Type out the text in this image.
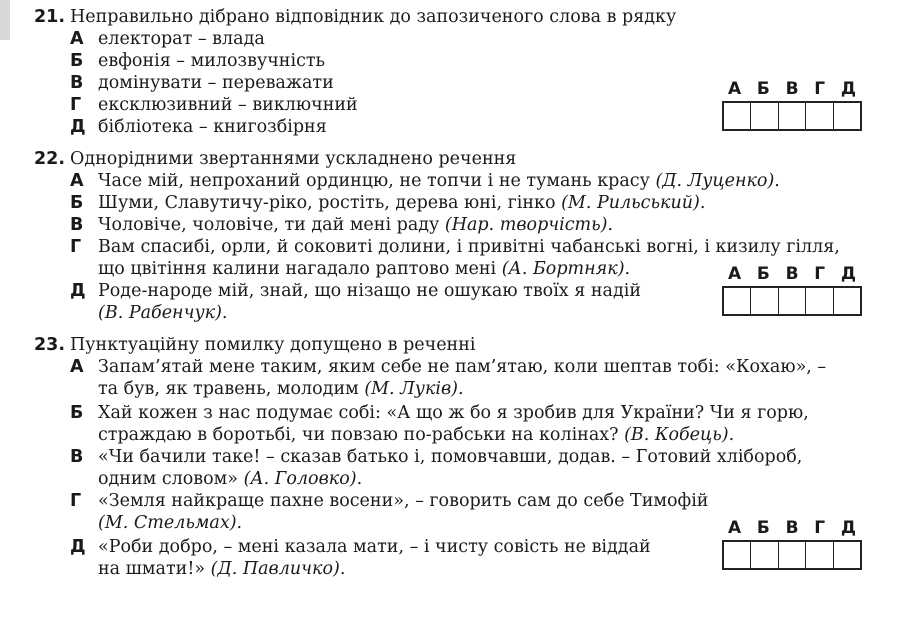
21. Неправильно дібрано відповідник до запозиченого слова в рядку
А електорат – влада
Б евфонія – милозвучність
В домінувати – переважати
Г ексклюзивний – виключний
Д бібліотека – книгозбірня
А Б В Г Д
22. Однорідними звертаннями ускладнено речення
А Часе мій, непроханий ординцю, не топчи і не тумань красу (Д. Луценко).
Б Шуми, Славутичу-ріко, ростіть, дерева юні, гінко (М. Рильський).
В Чоловіче, чоловіче, ти дай мені раду (Нар. творчість).
Г Вам спасибі, орли, й соковиті долини, і привітні чабанські вогні, і кизилу гілля,
що цвітіння калини нагадало раптово мені (А. Бортняк).
Д Роде-народе мій, знай, що нізащо не ошукаю твоїх я надій
(В. Рабенчук).
А Б В Г Д
23. Пунктуаційну помилку допущено в реченні
А Запам’ятай мене таким, яким себе не пам’ятаю, коли шептав тобі: «Кохаю», –
та був, як травень, молодим (М. Луків).
Б Хай кожен з нас подумає собі: «А що ж бо я зробив для України? Чи я горю,
страждаю в боротьбі, чи повзаю по-рабськи на колінах? (В. Кобець).
В «Чи бачили таке! – сказав батько і, помовчавши, додав. – Готовий хлібороб,
одним словом» (А. Головко).
Г «Земля найкраще пахне восени», – говорить сам до себе Тимофій
(М. Стельмах).
Д «Роби добро, – мені казала мати, – і чисту совість не віддай
на шмати!» (Д. Павличко).
А Б В Г Д
